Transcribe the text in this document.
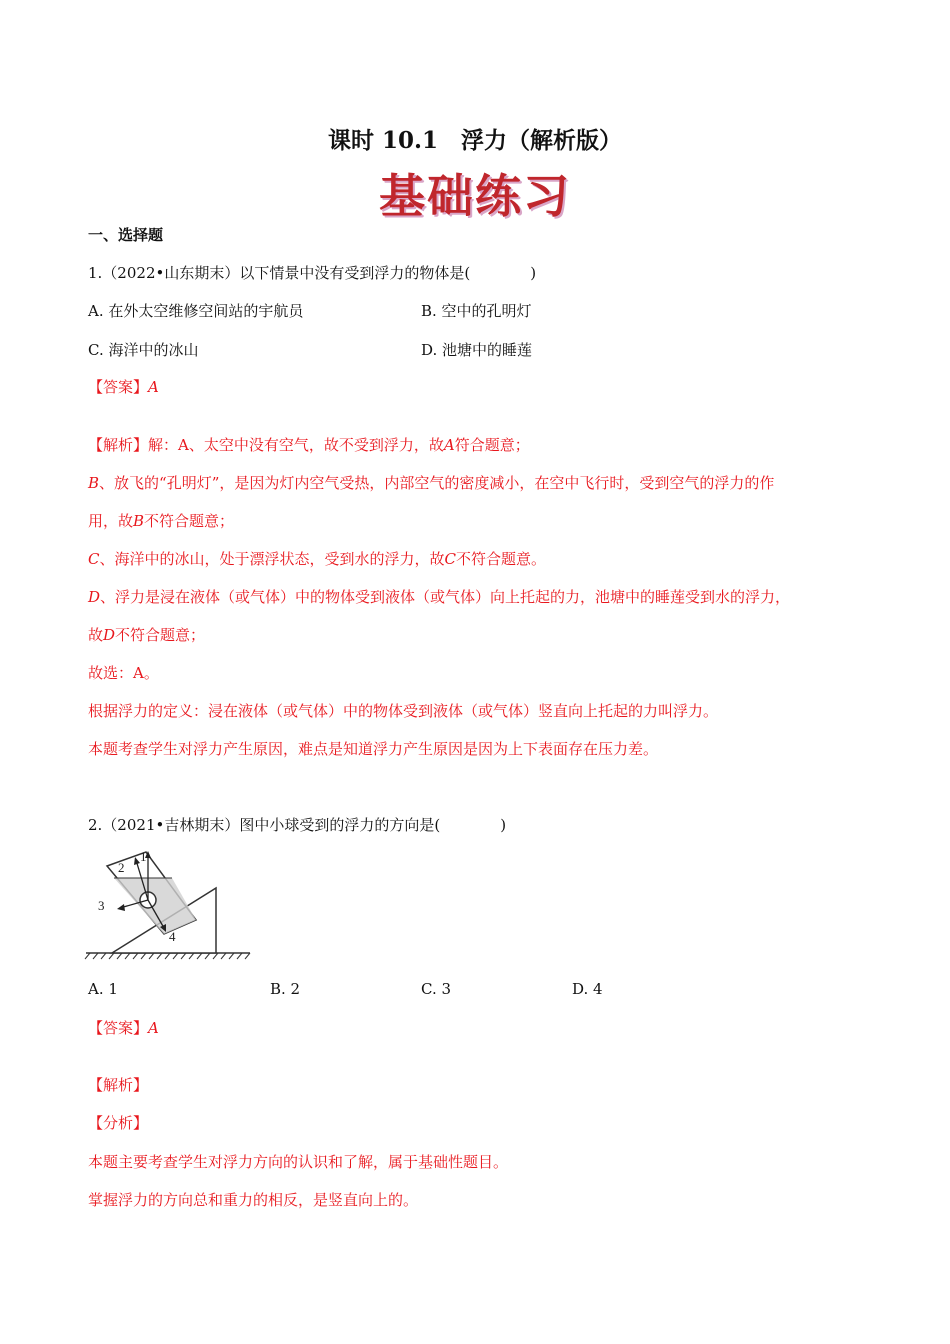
课时 10.1　浮力（解析版）
基础练习
一、选择题
1.（2022•山东期末）以下情景中没有受到浮力的物体是(　　　　)
A. 在外太空维修空间站的宇航员	B. 空中的孔明灯
C. 海洋中的冰山	D. 池塘中的睡莲
【答案】A
【解析】解：A、太空中没有空气，故不受到浮力，故A符合题意；
B、放飞的“孔明灯”，是因为灯内空气受热，内部空气的密度减小，在空中飞行时，受到空气的浮力的作
用，故B不符合题意；
C、海洋中的冰山，处于漂浮状态，受到水的浮力，故C不符合题意。
D、浮力是浸在液体（或气体）中的物体受到液体（或气体）向上托起的力，池塘中的睡莲受到水的浮力，
故D不符合题意；
故选：A。
根据浮力的定义：浸在液体（或气体）中的物体受到液体（或气体）竖直向上托起的力叫浮力。
本题考查学生对浮力产生原因，难点是知道浮力产生原因是因为上下表面存在压力差。
2.（2021•吉林期末）图中小球受到的浮力的方向是(　　　　)
1
2
3
4
A. 1	B. 2	C. 3	D. 4
【答案】A
【解析】
【分析】
本题主要考查学生对浮力方向的认识和了解，属于基础性题目。
掌握浮力的方向总和重力的相反，是竖直向上的。
